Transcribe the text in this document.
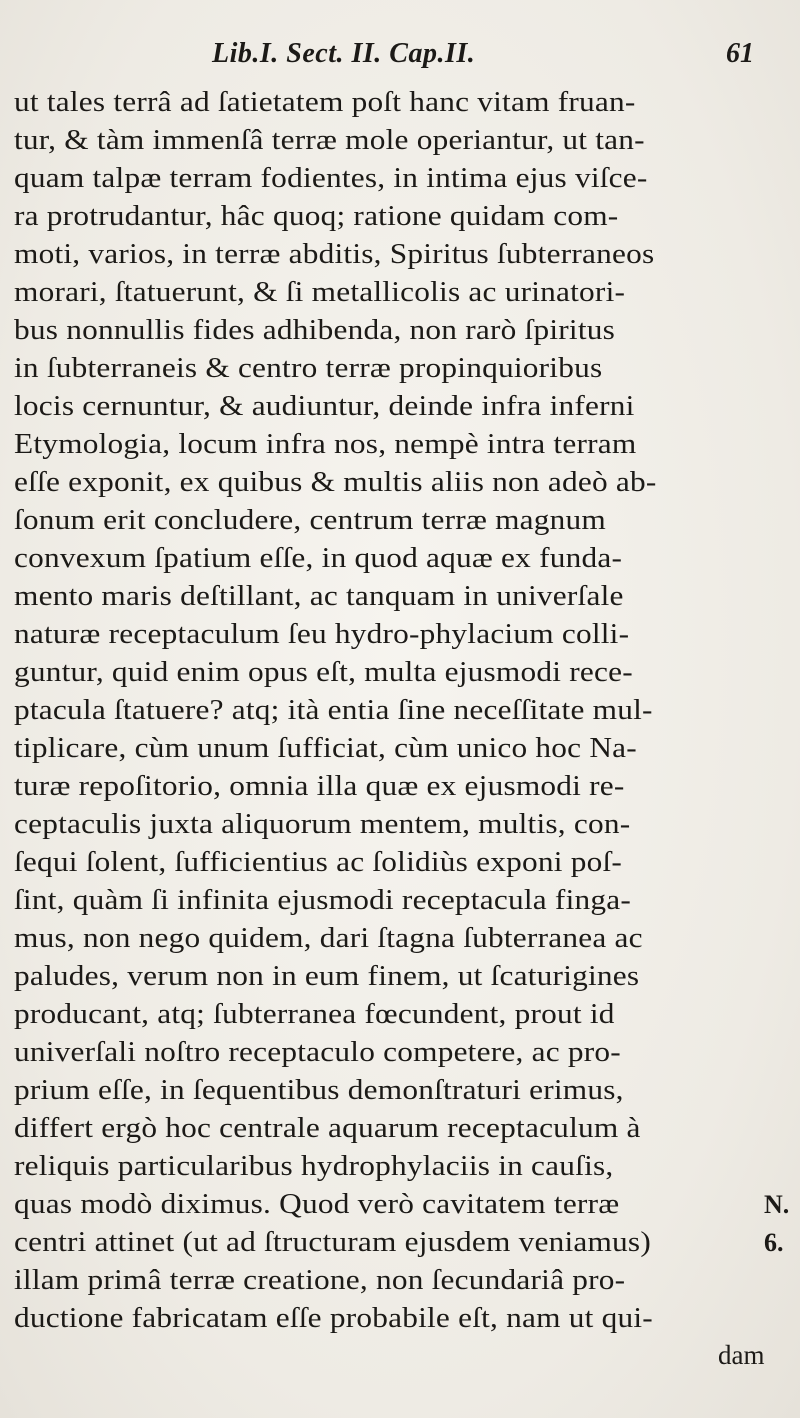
Lib.I. Sect. II. Cap.II.	61
ut tales terrâ ad ſatietatem poſt hanc vitam fruan-
tur, & tàm immenſâ terræ mole operiantur, ut tan-
quam talpæ terram fodientes, in intima ejus viſce-
ra protrudantur, hâc quoq; ratione quidam com-
moti, varios, in terræ abditis, Spiritus ſubterraneos
morari, ſtatuerunt, & ſi metallicolis ac urinatori-
bus nonnullis fides adhibenda, non rarò ſpiritus
in ſubterraneis & centro terræ propinquioribus
locis cernuntur, & audiuntur, deinde infra inferni
Etymologia, locum infra nos, nempè intra terram
eſſe exponit, ex quibus & multis aliis non adeò ab-
ſonum erit concludere, centrum terræ magnum
convexum ſpatium eſſe, in quod aquæ ex funda-
mento maris deſtillant, ac tanquam in univerſale
naturæ receptaculum ſeu hydro-phylacium colli-
guntur, quid enim opus eſt, multa ejusmodi rece-
ptacula ſtatuere? atq; ità entia ſine neceſſitate mul-
tiplicare, cùm unum ſufficiat, cùm unico hoc Na-
turæ repoſitorio, omnia illa quæ ex ejusmodi re-
ceptaculis juxta aliquorum mentem, multis, con-
ſequi ſolent, ſufficientius ac ſolidiùs exponi poſ-
ſint, quàm ſi infinita ejusmodi receptacula finga-
mus, non nego quidem, dari ſtagna ſubterranea ac
paludes, verum non in eum finem, ut ſcaturigines
producant, atq; ſubterranea fœcundent, prout id
univerſali noſtro receptaculo competere, ac pro-
prium eſſe, in ſequentibus demonſtraturi erimus,
differt ergò hoc centrale aquarum receptaculum à
reliquis particularibus hydrophylaciis in cauſis,
quas modò diximus. Quod verò cavitatem terræ
centri attinet (ut ad ſtructuram ejusdem veniamus)
illam primâ terræ creatione, non ſecundariâ pro-
ductione fabricatam eſſe probabile eſt, nam ut qui-
N.
6.
dam
